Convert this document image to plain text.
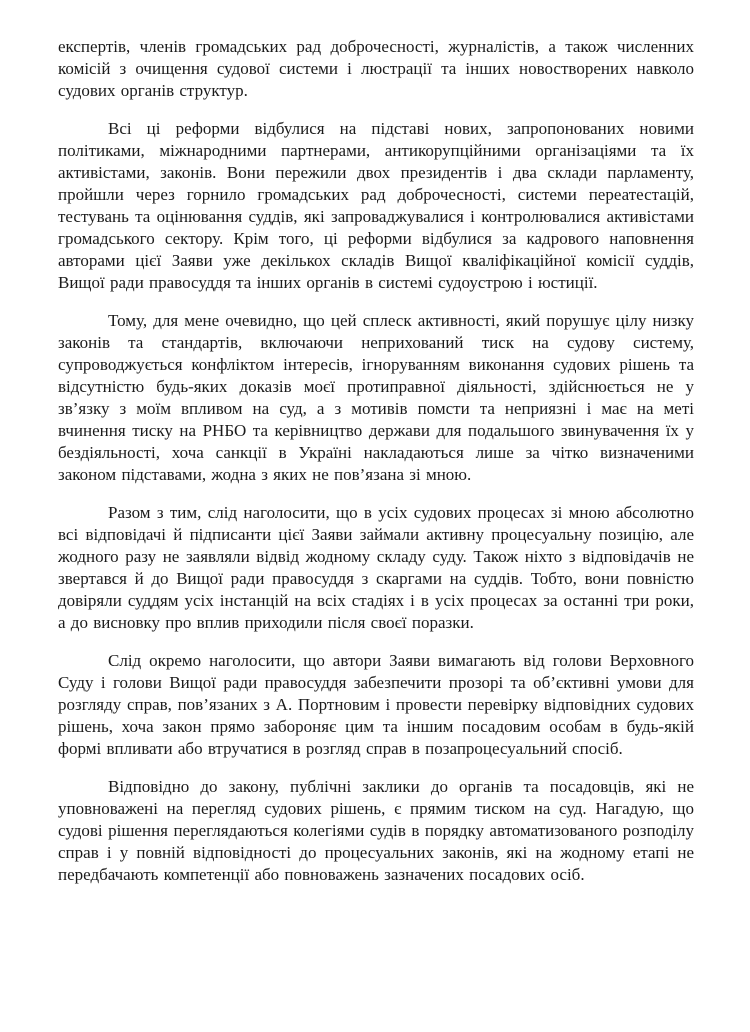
експертів, членів громадських рад доброчесності, журналістів, а також численних комісій з очищення судової системи і люстрації та інших новостворених навколо судових органів структур.

Всі ці реформи відбулися на підставі нових, запропонованих новими політиками, міжнародними партнерами, антикорупційними організаціями та їх активістами, законів. Вони пережили двох президентів і два склади парламенту, пройшли через горнило громадських рад доброчесності, системи переатестацій, тестувань та оцінювання суддів, які запроваджувалися і контролювалися активістами громадського сектору. Крім того, ці реформи відбулися за кадрового наповнення авторами цієї Заяви уже декількох складів Вищої кваліфікаційної комісії суддів, Вищої ради правосуддя та інших органів в системі судоустрою і юстиції.

Тому, для мене очевидно, що цей сплеск активності, який порушує цілу низку законів та стандартів, включаючи неприхований тиск на судову систему, супроводжується конфліктом інтересів, ігноруванням виконання судових рішень та відсутністю будь-яких доказів моєї протиправної діяльності, здійснюється не у зв’язку з моїм впливом на суд, а з мотивів помсти та неприязні і має на меті вчинення тиску на РНБО та керівництво держави для подальшого звинувачення їх у бездіяльності, хоча санкції в Україні накладаються лише за чітко визначеними законом підставами, жодна з яких не пов’язана зі мною.

Разом з тим, слід наголосити, що в усіх судових процесах зі мною абсолютно всі відповідачі й підписанти цієї Заяви займали активну процесуальну позицію, але жодного разу не заявляли відвід жодному складу суду. Також ніхто з відповідачів не звертався й до Вищої ради правосуддя з скаргами на суддів. Тобто, вони повністю довіряли суддям усіх інстанцій на всіх стадіях і в усіх процесах за останні три роки, а до висновку про вплив приходили після своєї поразки.

Слід окремо наголосити, що автори Заяви вимагають від голови Верховного Суду і голови Вищої ради правосуддя забезпечити прозорі та об’єктивні умови для розгляду справ, пов’язаних з А. Портновим і провести перевірку відповідних судових рішень, хоча закон прямо забороняє цим та іншим посадовим особам в будь-якій формі впливати або втручатися в розгляд справ в позапроцесуальний спосіб.

Відповідно до закону, публічні заклики до органів та посадовців, які не уповноважені на перегляд судових рішень, є прямим тиском на суд. Нагадую, що судові рішення переглядаються колегіями судів в порядку автоматизованого розподілу справ і у повній відповідності до процесуальних законів, які на жодному етапі не передбачають компетенції або повноважень зазначених посадових осіб.
